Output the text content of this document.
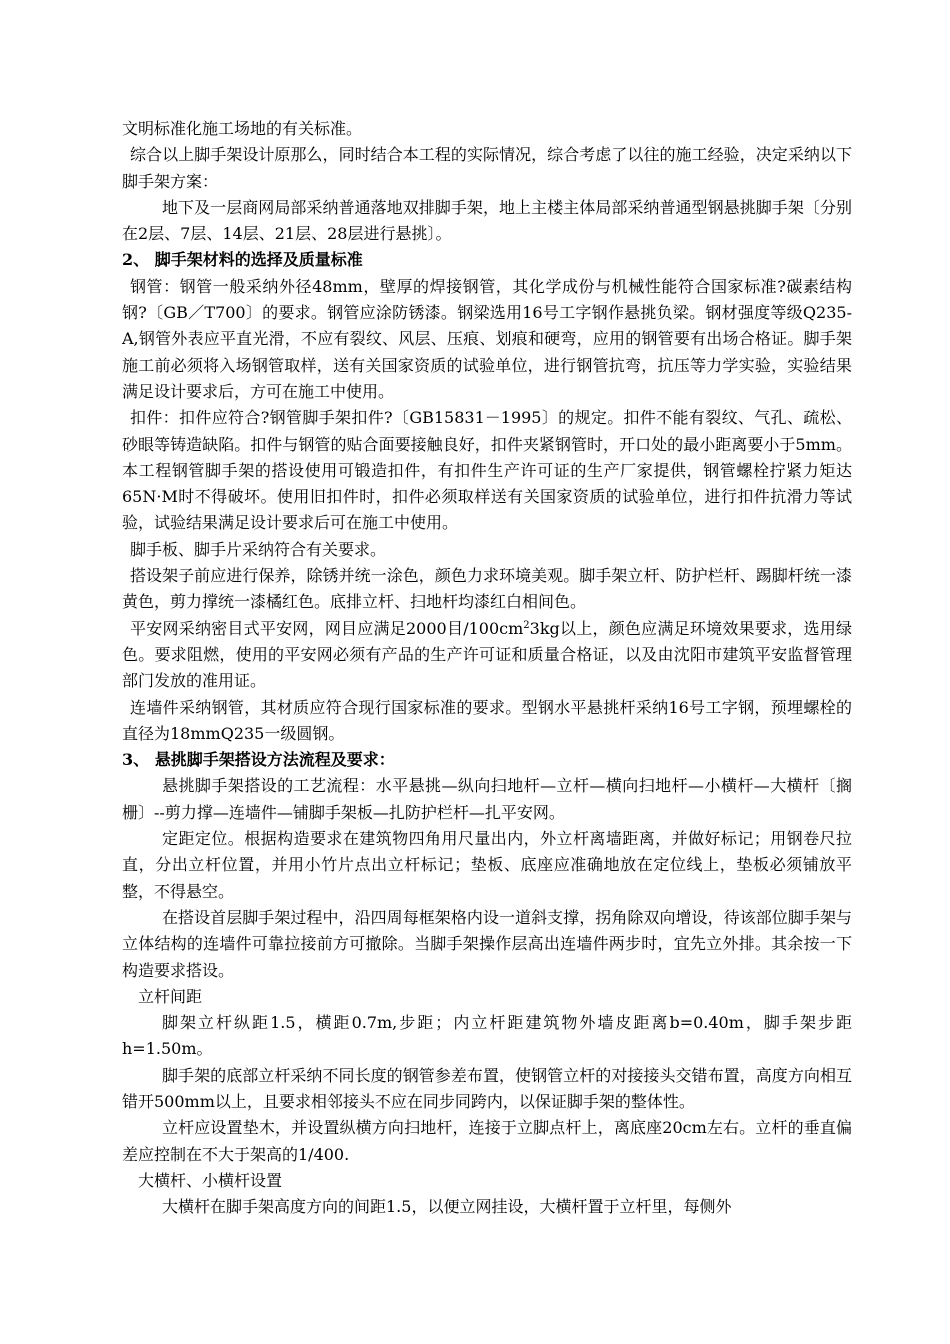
文明标准化施工场地的有关标准。

综合以上脚手架设计原那么，同时结合本工程的实际情况，综合考虑了以往的施工经验，决定采纳以下脚手架方案：

地下及一层商网局部采纳普通落地双排脚手架，地上主楼主体局部采纳普通型钢悬挑脚手架〔分别在2层、7层、14层、21层、28层进行悬挑〕。

2、 脚手架材料的选择及质量标准

钢管：钢管一般采纳外径48mm，壁厚的焊接钢管，其化学成份与机械性能符合国家标准?碳素结构钢?〔GB／T700〕的要求。钢管应涂防锈漆。钢梁选用16号工字钢作悬挑负梁。钢材强度等级Q235-A,钢管外表应平直光滑，不应有裂纹、风层、压痕、划痕和硬弯，应用的钢管要有出场合格证。脚手架施工前必须将入场钢管取样，送有关国家资质的试验单位，进行钢管抗弯，抗压等力学实验，实验结果满足设计要求后，方可在施工中使用。

扣件：扣件应符合?钢管脚手架扣件?〔GB15831－1995〕的规定。扣件不能有裂纹、气孔、疏松、砂眼等铸造缺陷。扣件与钢管的贴合面要接触良好，扣件夹紧钢管时，开口处的最小距离要小于5mm。本工程钢管脚手架的搭设使用可锻造扣件，有扣件生产许可证的生产厂家提供，钢管螺栓拧紧力矩达65N·M时不得破坏。使用旧扣件时，扣件必须取样送有关国家资质的试验单位，进行扣件抗滑力等试验，试验结果满足设计要求后可在施工中使用。

脚手板、脚手片采纳符合有关要求。

搭设架子前应进行保养，除锈并统一涂色，颜色力求环境美观。脚手架立杆、防护栏杆、踢脚杆统一漆黄色，剪力撑统一漆橘红色。底排立杆、扫地杆均漆红白相间色。

平安网采纳密目式平安网，网目应满足2000目$/100cm^23kg$以上，颜色应满足环境效果要求，选用绿色。要求阻燃，使用的平安网必须有产品的生产许可证和质量合格证，以及由沈阳市建筑平安监督管理部门发放的准用证。

连墙件采纳钢管，其材质应符合现行国家标准的要求。型钢水平悬挑杆采纳16号工字钢，预埋螺栓的直径为18mmQ235一级圆钢。

3、 悬挑脚手架搭设方法流程及要求：

悬挑脚手架搭设的工艺流程：水平悬挑—纵向扫地杆—立杆—横向扫地杆—小横杆—大横杆〔搁栅〕--剪力撑—连墙件—铺脚手架板—扎防护栏杆—扎平安网。

定距定位。根据构造要求在建筑物四角用尺量出内，外立杆离墙距离，并做好标记；用钢卷尺拉直，分出立杆位置，并用小竹片点出立杆标记；垫板、底座应准确地放在定位线上，垫板必须铺放平整，不得悬空。

在搭设首层脚手架过程中，沿四周每框架格内设一道斜支撑，拐角除双向增设，待该部位脚手架与立体结构的连墙件可靠拉接前方可撤除。当脚手架操作层高出连墙件两步时，宜先立外排。其余按一下构造要求搭设。

立杆间距

脚架立杆纵距1.5，横距0.7m,步距；内立杆距建筑物外墙皮距离b=0.40m，脚手架步距h=1.50m。

脚手架的底部立杆采纳不同长度的钢管参差布置，使钢管立杆的对接接头交错布置，高度方向相互错开500mm以上，且要求相邻接头不应在同步同跨内，以保证脚手架的整体性。

立杆应设置垫木，并设置纵横方向扫地杆，连接于立脚点杆上，离底座20cm左右。立杆的垂直偏差应控制在不大于架高的1/400.

大横杆、小横杆设置

大横杆在脚手架高度方向的间距1.5，以便立网挂设，大横杆置于立杆里，每侧外
